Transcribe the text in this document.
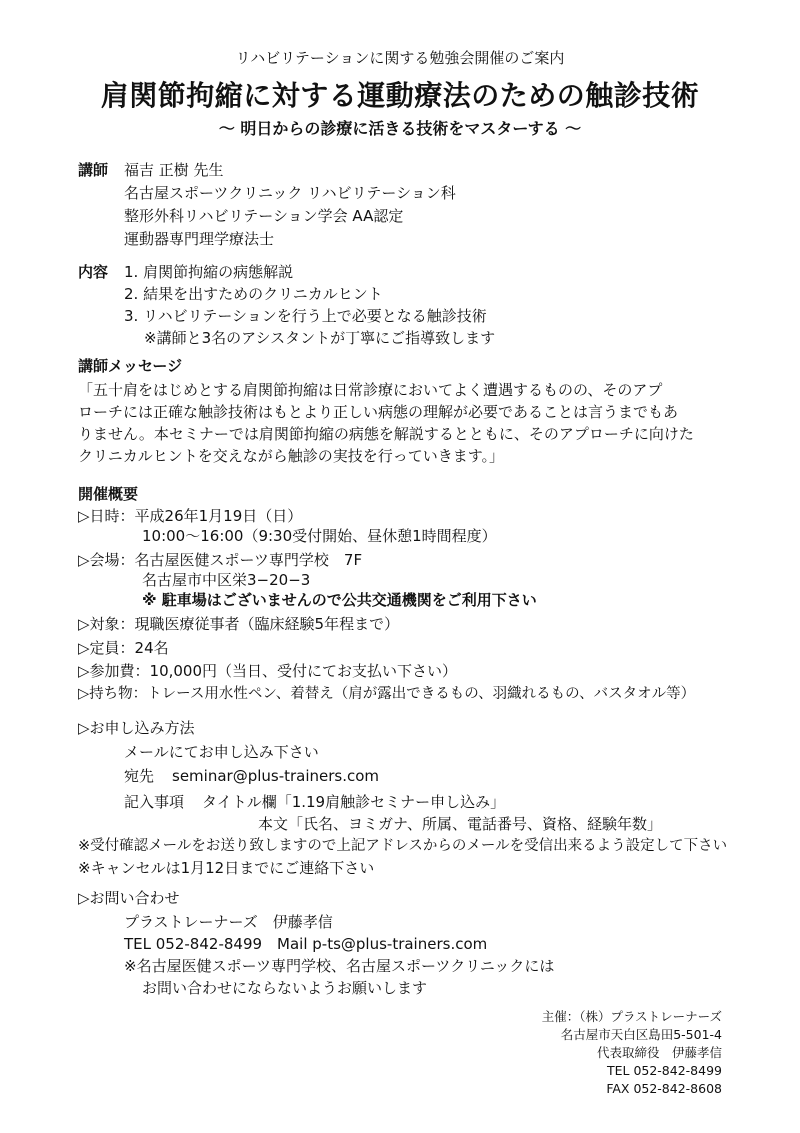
リハビリテーションに関する勉強会開催のご案内
肩関節拘縮に対する運動療法のための触診技術
〜 明日からの診療に活きる技術をマスターする 〜
講師 福吉 正樹 先生
名古屋スポーツクリニック リハビリテーション科
整形外科リハビリテーション学会 AA認定
運動器専門理学療法士
内容 1. 肩関節拘縮の病態解説
2. 結果を出すためのクリニカルヒント
3. リハビリテーションを行う上で必要となる触診技術
※講師と3名のアシスタントが丁寧にご指導致します
講師メッセージ
「五十肩をはじめとする肩関節拘縮は日常診療においてよく遭遇するものの、そのアプ
ローチには正確な触診技術はもとより正しい病態の理解が必要であることは言うまでもあ
りません。本セミナーでは肩関節拘縮の病態を解説するとともに、そのアプローチに向けた
クリニカルヒントを交えながら触診の実技を行っていきます。」
開催概要
▷日時：平成26年1月19日（日）
10:00〜16:00（9:30受付開始、昼休憩1時間程度）
▷会場：名古屋医健スポーツ専門学校　7F
名古屋市中区栄3−20−3
※ 駐車場はございませんので公共交通機関をご利用下さい
▷対象：現職医療従事者（臨床経験5年程まで）
▷定員：24名
▷参加費：10,000円（当日、受付にてお支払い下さい）
▷持ち物：トレース用水性ペン、着替え（肩が露出できるもの、羽織れるもの、バスタオル等）
▷お申し込み方法
メールにてお申し込み下さい
宛先 seminar@plus-trainers.com
記入事項 タイトル欄「1.19肩触診セミナー申し込み」
本文「氏名、ヨミガナ、所属、電話番号、資格、経験年数」
※受付確認メールをお送り致しますので上記アドレスからのメールを受信出来るよう設定して下さい
※キャンセルは1月12日までにご連絡下さい
▷お問い合わせ
プラストレーナーズ　伊藤孝信
TEL 052-842-8499　Mail p-ts@plus-trainers.com
※名古屋医健スポーツ専門学校、名古屋スポーツクリニックには
お問い合わせにならないようお願いします
主催：（株）プラストレーナーズ
名古屋市天白区島田5-501-4
代表取締役　伊藤孝信
TEL 052-842-8499
FAX 052-842-8608
